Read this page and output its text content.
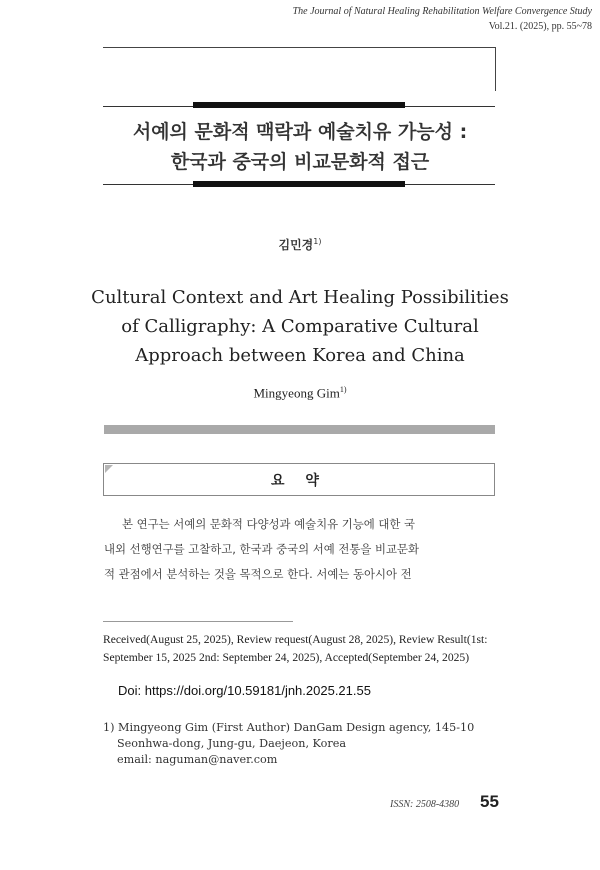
The Journal of Natural Healing Rehabilitation Welfare Convergence Study
Vol.21. (2025), pp. 55~78
서예의 문화적 맥락과 예술치유 가능성 :
한국과 중국의 비교문화적 접근
김민경$^{1)}$
Cultural Context and Art Healing Possibilities
of Calligraphy: A Comparative Cultural
Approach between Korea and China
Mingyeong Gim$^{1)}$
요 약
본 연구는 서예의 문화적 다양성과 예술치유 기능에 대한 국
내외 선행연구를 고찰하고, 한국과 중국의 서예 전통을 비교문화
적 관점에서 분석하는 것을 목적으로 한다. 서예는 동아시아 전
Received(August 25, 2025), Review request(August 28, 2025), Review Result(1st:
September 15, 2025 2nd: September 24, 2025), Accepted(September 24, 2025)
Doi: https://doi.org/10.59181/jnh.2025.21.55
1) Mingyeong Gim (First Author) DanGam Design agency, 145-10
Seonhwa-dong, Jung-gu, Daejeon, Korea
email: naguman@naver.com
ISSN: 2508-4380 55
